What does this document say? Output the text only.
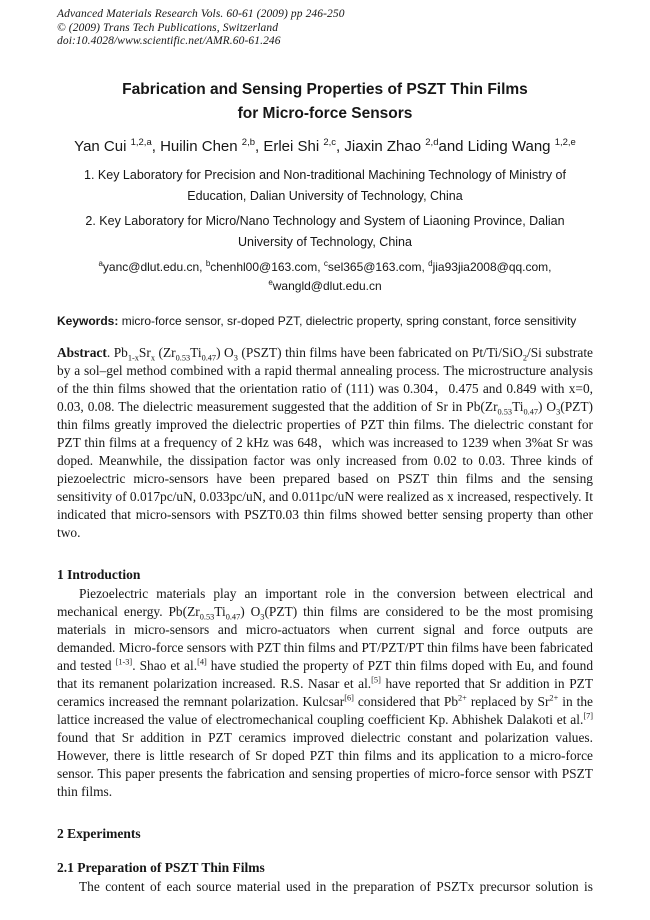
Advanced Materials Research Vols. 60-61 (2009) pp 246-250
© (2009) Trans Tech Publications, Switzerland
doi:10.4028/www.scientific.net/AMR.60-61.246
Fabrication and Sensing Properties of PSZT Thin Films
for Micro-force Sensors

Yan Cui $^{1,2,a}$, Huilin Chen $^{2,b}$, Erlei Shi $^{2,c}$, Jiaxin Zhao $^{2,d}$and Liding Wang $^{1,2,e}$

1. Key Laboratory for Precision and Non-traditional Machining Technology of Ministry of Education, Dalian University of Technology, China

2. Key Laboratory for Micro/Nano Technology and System of Liaoning Province, Dalian University of Technology, China

$^a$yanc@dlut.edu.cn, $^b$chenhl00@163.com, $^c$sel365@163.com, $^d$jia93jia2008@qq.com,
$^e$wangld@dlut.edu.cn

Keywords: micro-force sensor, sr-doped PZT, dielectric property, spring constant, force sensitivity

Abstract. $Pb_{1-x}Sr_x$ $(Zr_{0.53}Ti_{0.47})$ $O_3$ (PSZT) thin films have been fabricated on Pt/Ti/SiO$_2$/Si substrate by a sol–gel method combined with a rapid thermal annealing process. The microstructure analysis of the thin films showed that the orientation ratio of (111) was 0.304，0.475 and 0.849 with x=0, 0.03, 0.08. The dielectric measurement suggested that the addition of Sr in $Pb(Zr_{0.53}Ti_{0.47})$ $O_3(PZT)$ thin films greatly improved the dielectric properties of PZT thin films. The dielectric constant for PZT thin films at a frequency of 2 kHz was 648，which was increased to 1239 when 3%at Sr was doped. Meanwhile, the dissipation factor was only increased from 0.02 to 0.03. Three kinds of piezoelectric micro-sensors have been prepared based on PSZT thin films and the sensing sensitivity of 0.017pc/uN, 0.033pc/uN, and 0.011pc/uN were realized as x increased, respectively. It indicated that micro-sensors with PSZT0.03 thin films showed better sensing property than other two.

1 Introduction

Piezoelectric materials play an important role in the conversion between electrical and mechanical energy. $Pb(Zr_{0.53}Ti_{0.47})$ $O_3(PZT)$ thin films are considered to be the most promising materials in micro-sensors and micro-actuators when current signal and force outputs are demanded. Micro-force sensors with PZT thin films and PT/PZT/PT thin films have been fabricated and tested [1-3]. Shao et al.[4] have studied the property of PZT thin films doped with Eu, and found that its remanent polarization increased. R.S. Nasar et al.[5] have reported that Sr addition in PZT ceramics increased the remnant polarization. Kulcsar[6] considered that $Pb^{2+}$ replaced by $Sr^{2+}$ in the lattice increased the value of electromechanical coupling coefficient Kp. Abhishek Dalakoti et al.[7] found that Sr addition in PZT ceramics improved dielectric constant and polarization values. However, there is little research of Sr doped PZT thin films and its application to a micro-force sensor. This paper presents the fabrication and sensing properties of micro-force sensor with PSZT thin films.

2 Experiments
2.1 Preparation of PSZT Thin Films

The content of each source material used in the preparation of PSZTx precursor solution is
